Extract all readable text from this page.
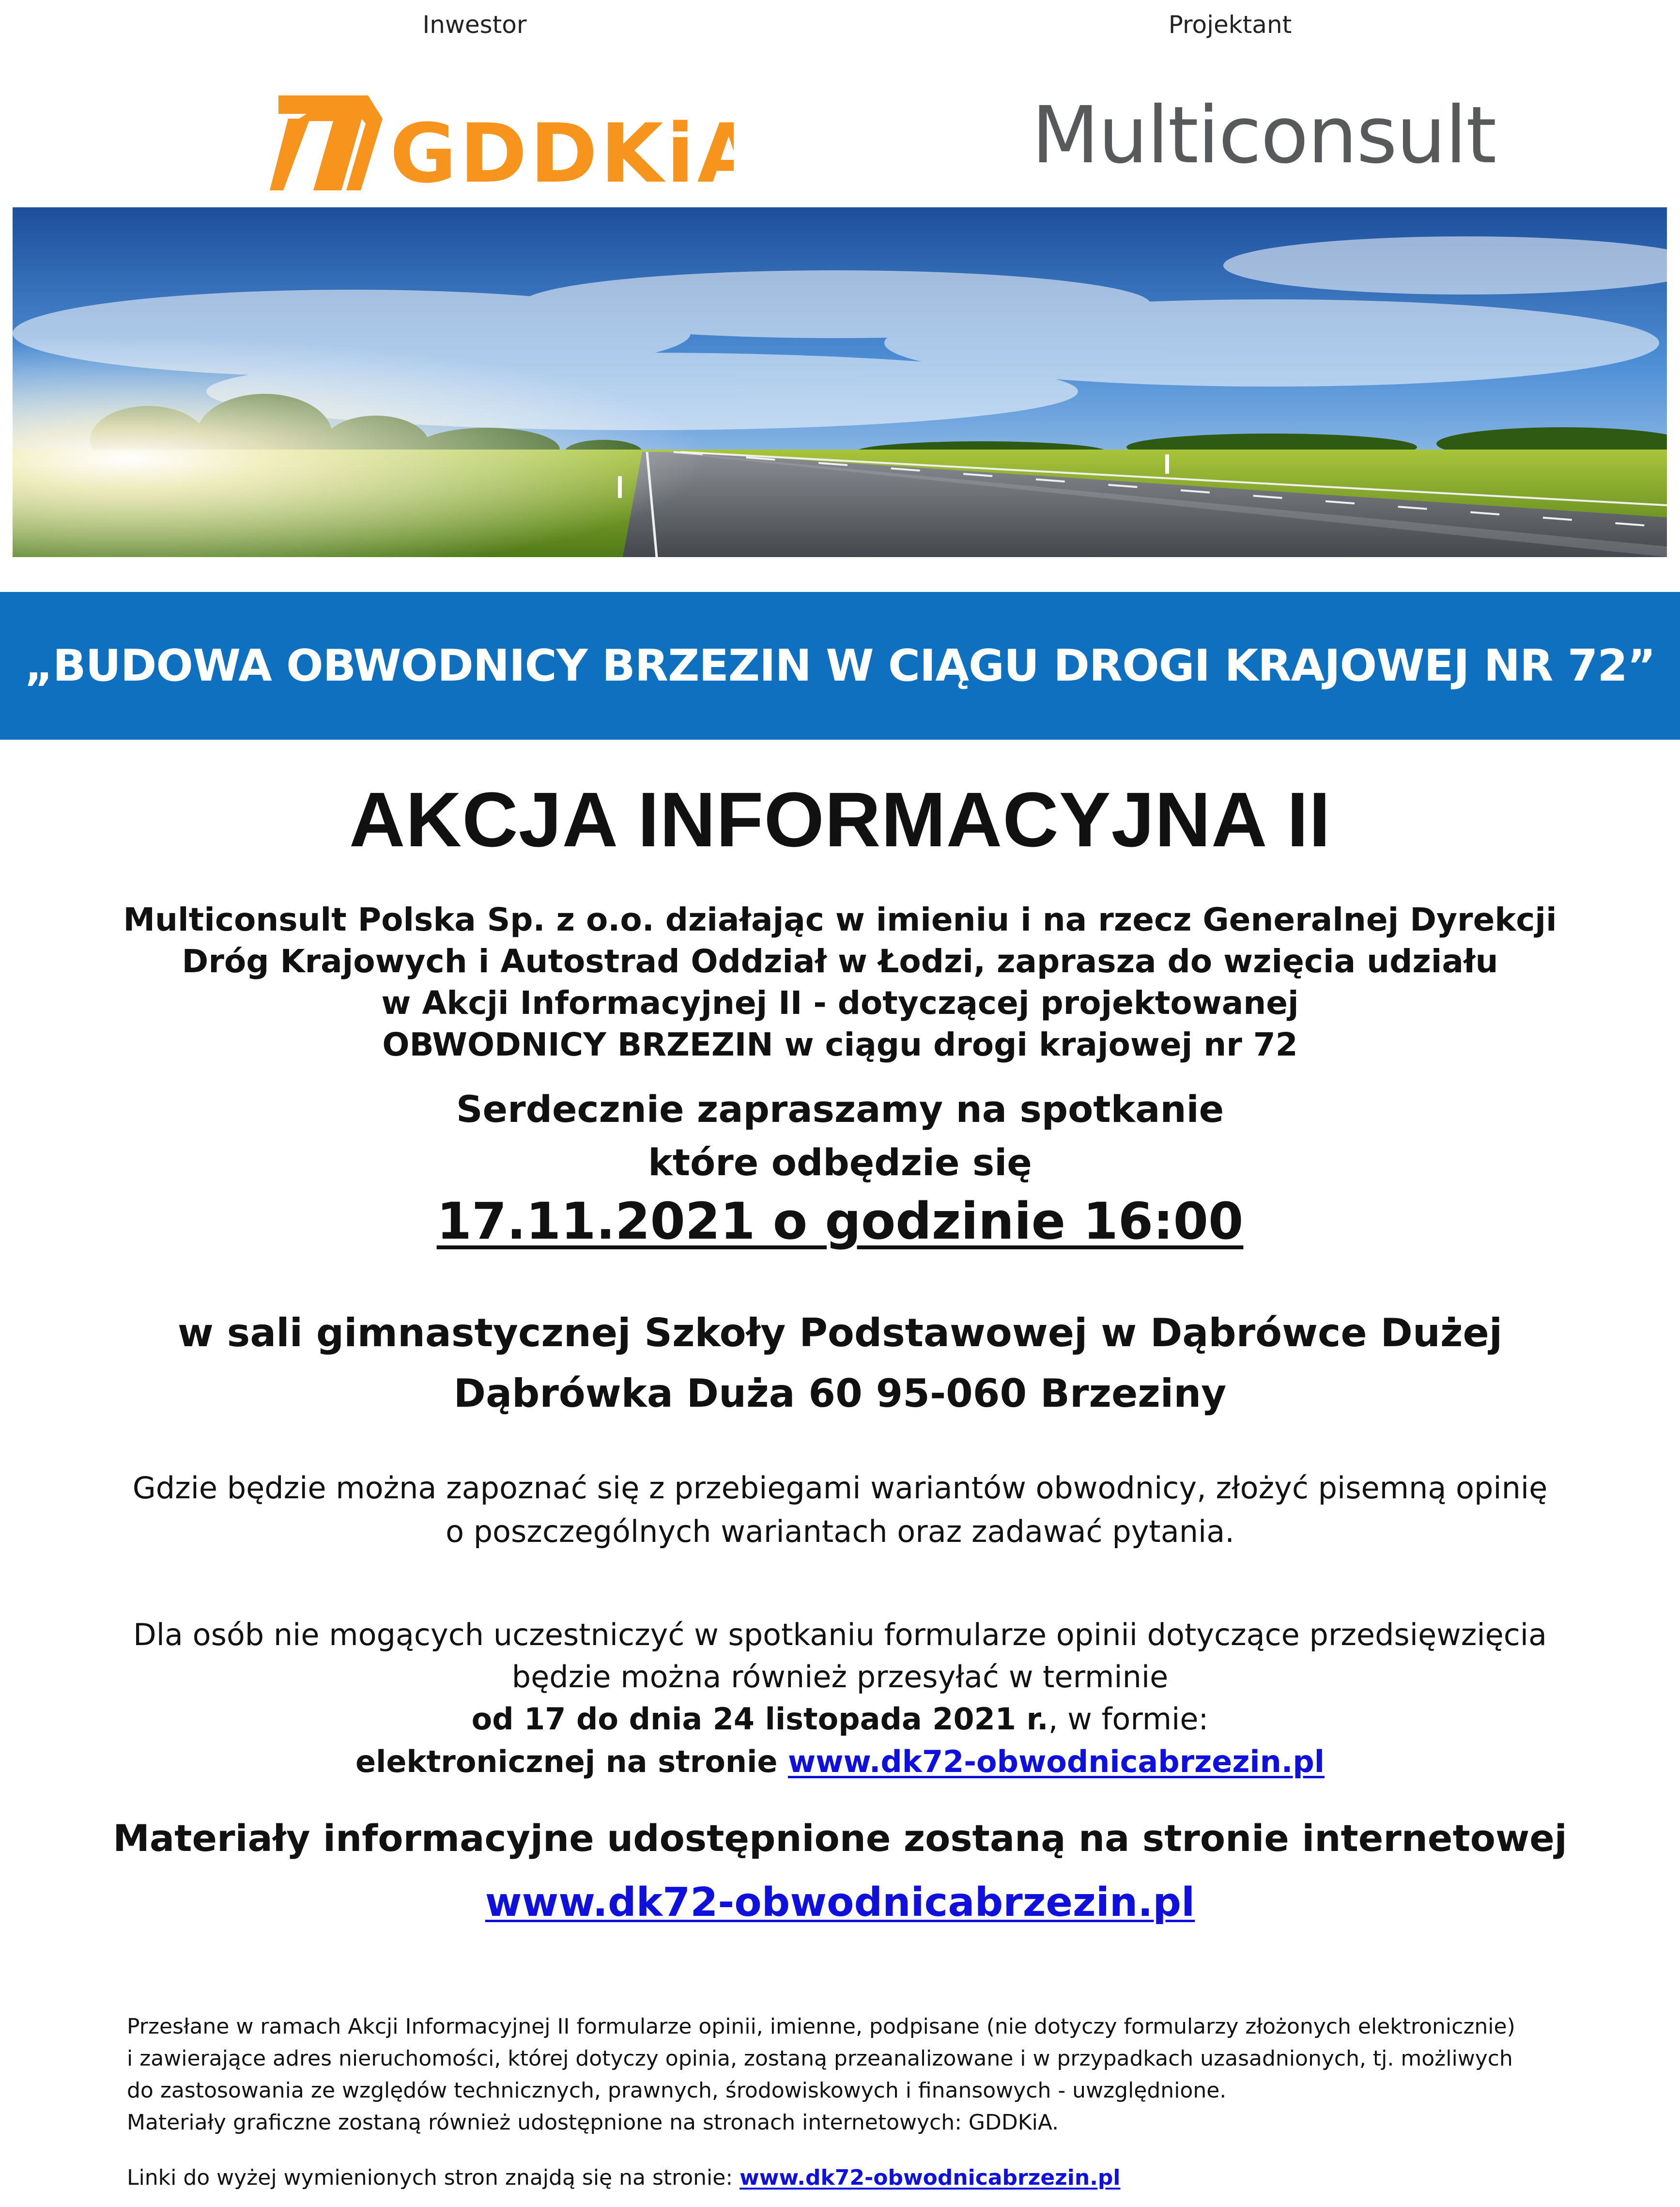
Inwestor	Projektant
GDDKiA	Multiconsult
„BUDOWA OBWODNICY BRZEZIN W CIĄGU DROGI KRAJOWEJ NR 72”
AKCJA INFORMACYJNA II
Multiconsult Polska Sp. z o.o. działając w imieniu i na rzecz Generalnej Dyrekcji
Dróg Krajowych i Autostrad Oddział w Łodzi, zaprasza do wzięcia udziału
w Akcji Informacyjnej II - dotyczącej projektowanej
OBWODNICY BRZEZIN w ciągu drogi krajowej nr 72
Serdecznie zapraszamy na spotkanie
które odbędzie się
17.11.2021 o godzinie 16:00
w sali gimnastycznej Szkoły Podstawowej w Dąbrówce Dużej
Dąbrówka Duża 60 95-060 Brzeziny
Gdzie będzie można zapoznać się z przebiegami wariantów obwodnicy, złożyć pisemną opinię
o poszczególnych wariantach oraz zadawać pytania.
Dla osób nie mogących uczestniczyć w spotkaniu formularze opinii dotyczące przedsięwzięcia
będzie można również przesyłać w terminie
od 17 do dnia 24 listopada 2021 r., w formie:
elektronicznej na stronie www.dk72-obwodnicabrzezin.pl
Materiały informacyjne udostępnione zostaną na stronie internetowej
www.dk72-obwodnicabrzezin.pl
Przesłane w ramach Akcji Informacyjnej II formularze opinii, imienne, podpisane (nie dotyczy formularzy złożonych elektronicznie)
i zawierające adres nieruchomości, której dotyczy opinia, zostaną przeanalizowane i w przypadkach uzasadnionych, tj. możliwych
do zastosowania ze względów technicznych, prawnych, środowiskowych i finansowych - uwzględnione.
Materiały graficzne zostaną również udostępnione na stronach internetowych: GDDKiA.
Linki do wyżej wymienionych stron znajdą się na stronie: www.dk72-obwodnicabrzezin.pl
